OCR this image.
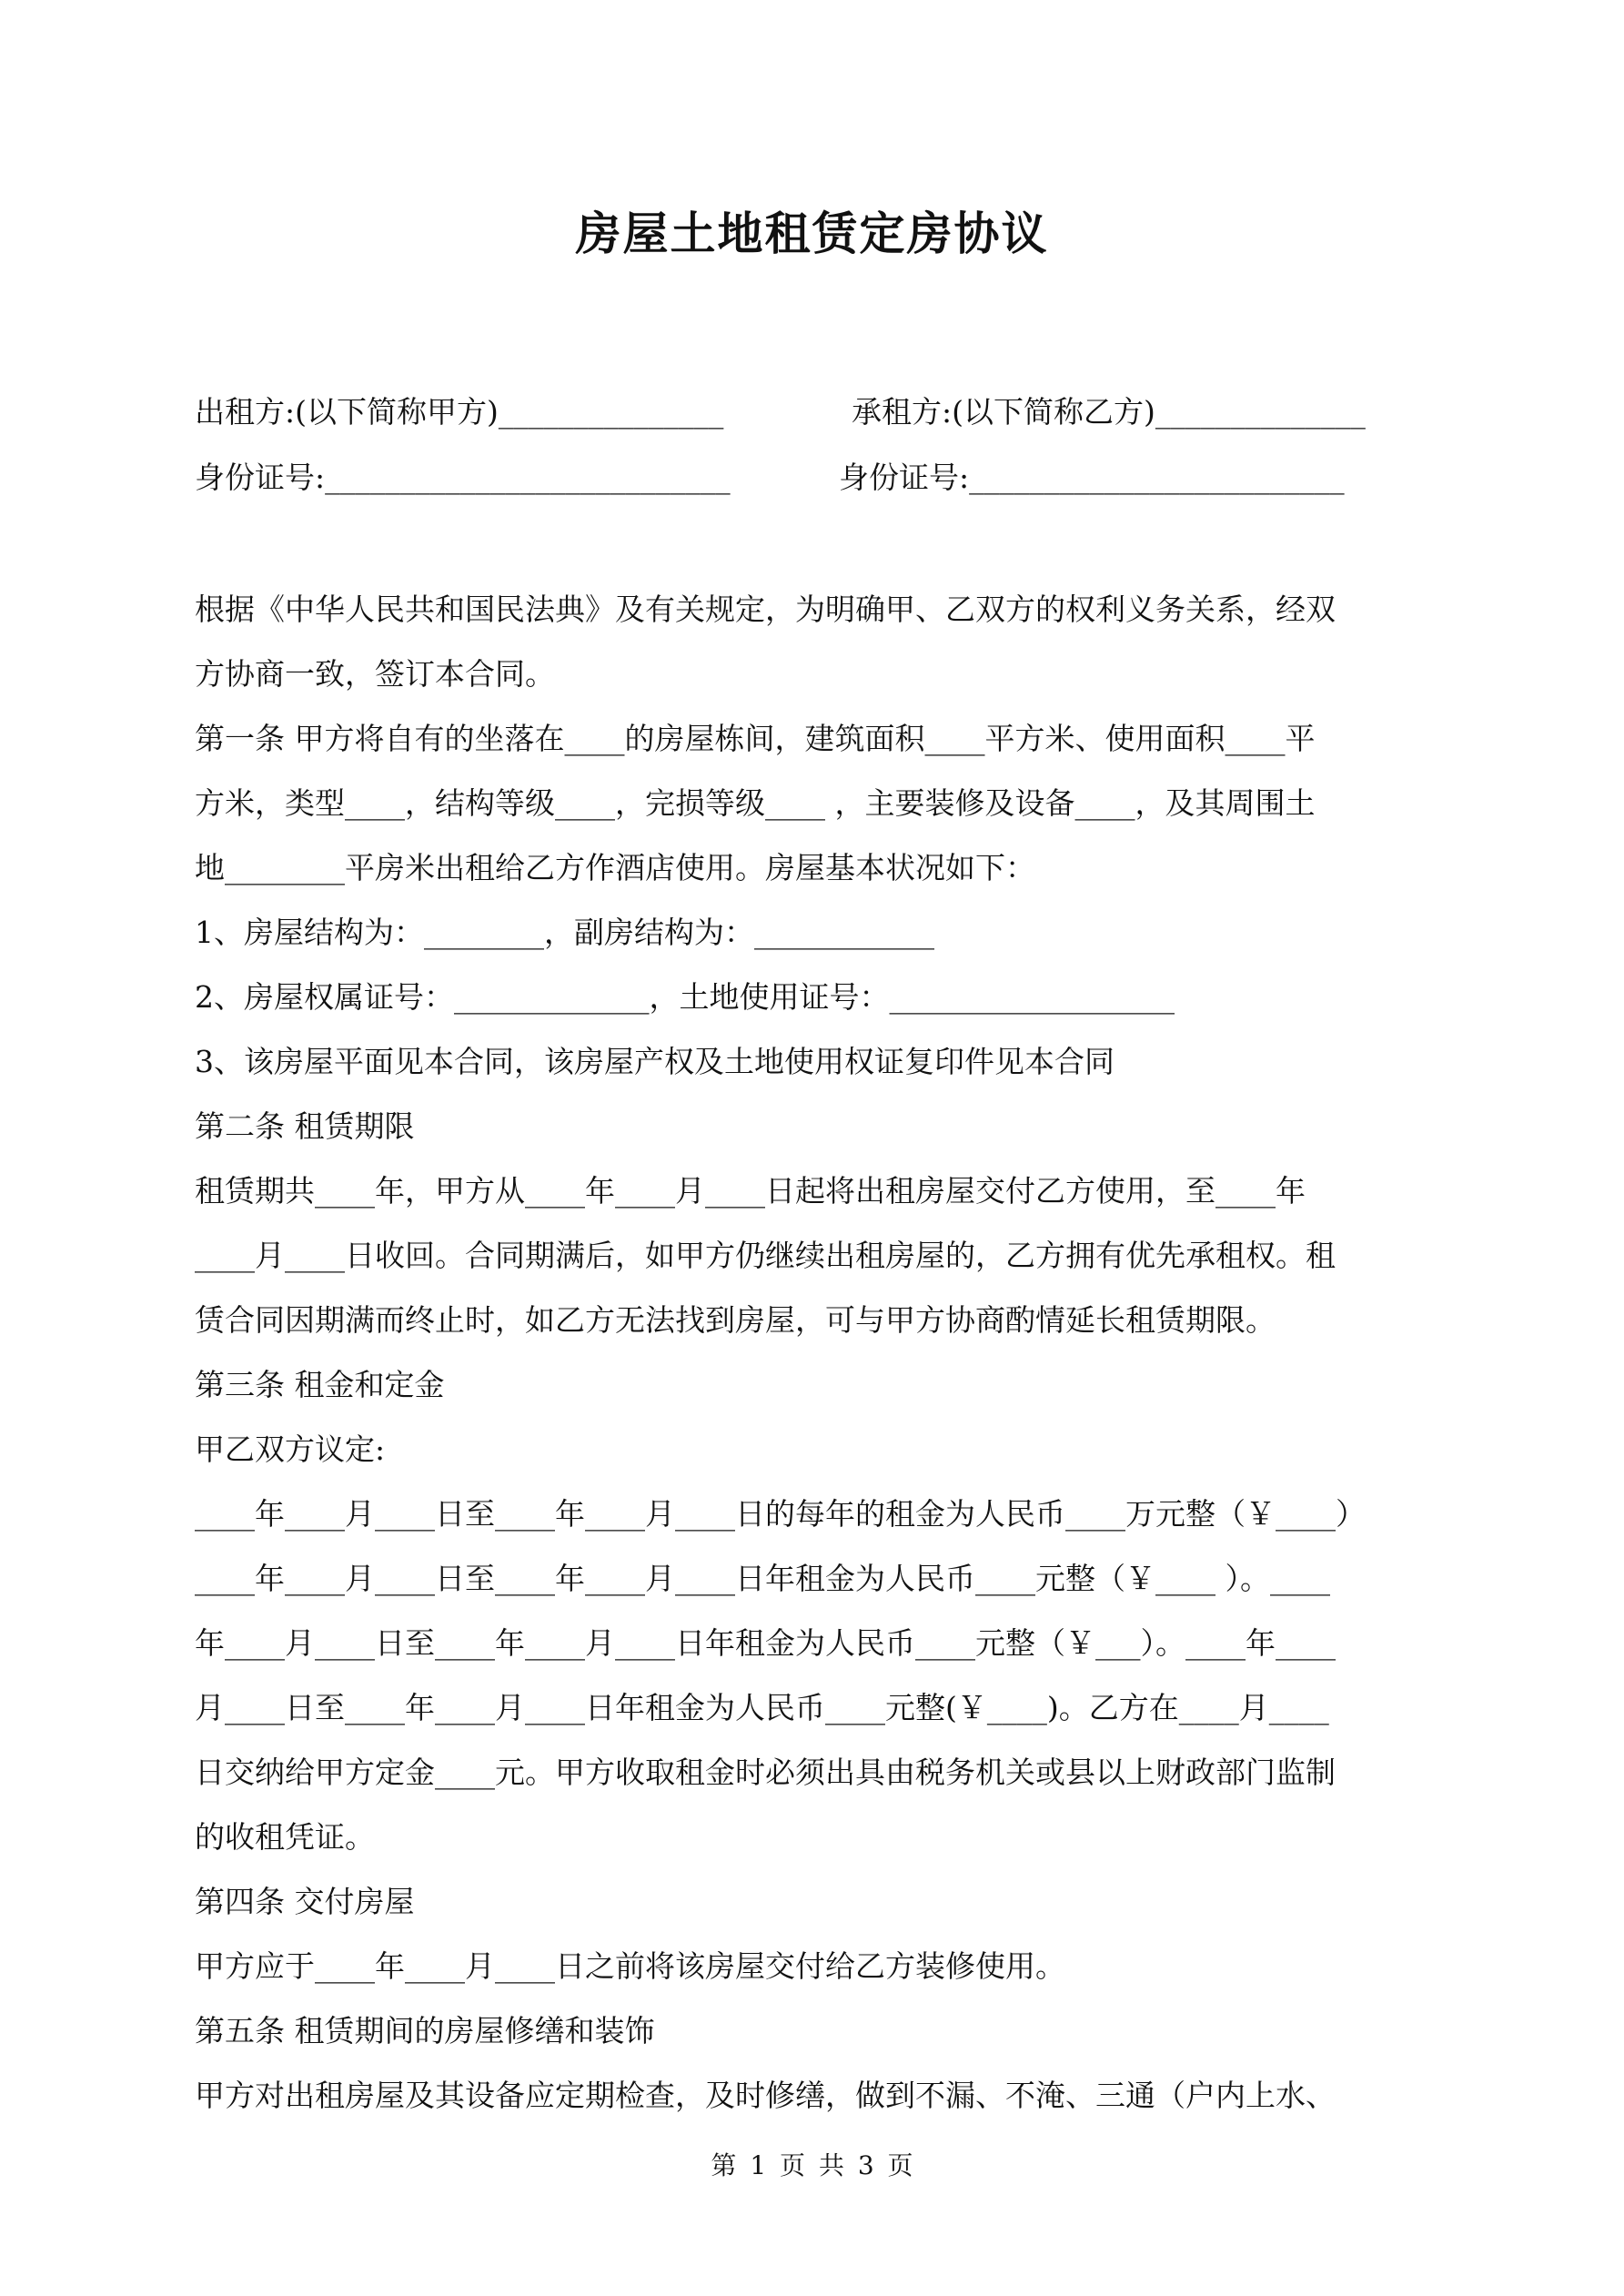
房屋土地租赁定房协议
出租方:(以下简称甲方)_______________	承租方:(以下简称乙方)______________
身份证号:___________________________	身份证号:_________________________

根据《中华人民共和国民法典》及有关规定，为明确甲、乙双方的权利义务关系，经双

方协商一致，签订本合同。

第一条 甲方将自有的坐落在____的房屋栋间，建筑面积____平方米、使用面积____平

方米，类型____，结构等级____，完损等级____ ，主要装修及设备____，及其周围土

地________平房米出租给乙方作酒店使用。房屋基本状况如下：

1、房屋结构为：________，副房结构为：____________

2、房屋权属证号：_____________，土地使用证号：___________________

3、该房屋平面见本合同，该房屋产权及土地使用权证复印件见本合同

第二条 租赁期限

租赁期共____年，甲方从____年____月____日起将出租房屋交付乙方使用，至____年

____月____日收回。合同期满后，如甲方仍继续出租房屋的，乙方拥有优先承租权。租

赁合同因期满而终止时，如乙方无法找到房屋，可与甲方协商酌情延长租赁期限。

第三条 租金和定金

甲乙双方议定:

____年____月____日至____年____月____日的每年的租金为人民币____万元整（￥____）

____年____月____日至____年____月____日年租金为人民币____元整（￥____ ）。____

年____月____日至____年____月____日年租金为人民币____元整（￥___）。____年____

月____日至____年____月____日年租金为人民币____元整(￥____)。乙方在____月____

日交纳给甲方定金____元。甲方收取租金时必须出具由税务机关或县以上财政部门监制

的收租凭证。

第四条 交付房屋

甲方应于____年____月____日之前将该房屋交付给乙方装修使用。

第五条 租赁期间的房屋修缮和装饰

甲方对出租房屋及其设备应定期检查，及时修缮，做到不漏、不淹、三通（户内上水、

第 1 页 共 3 页
